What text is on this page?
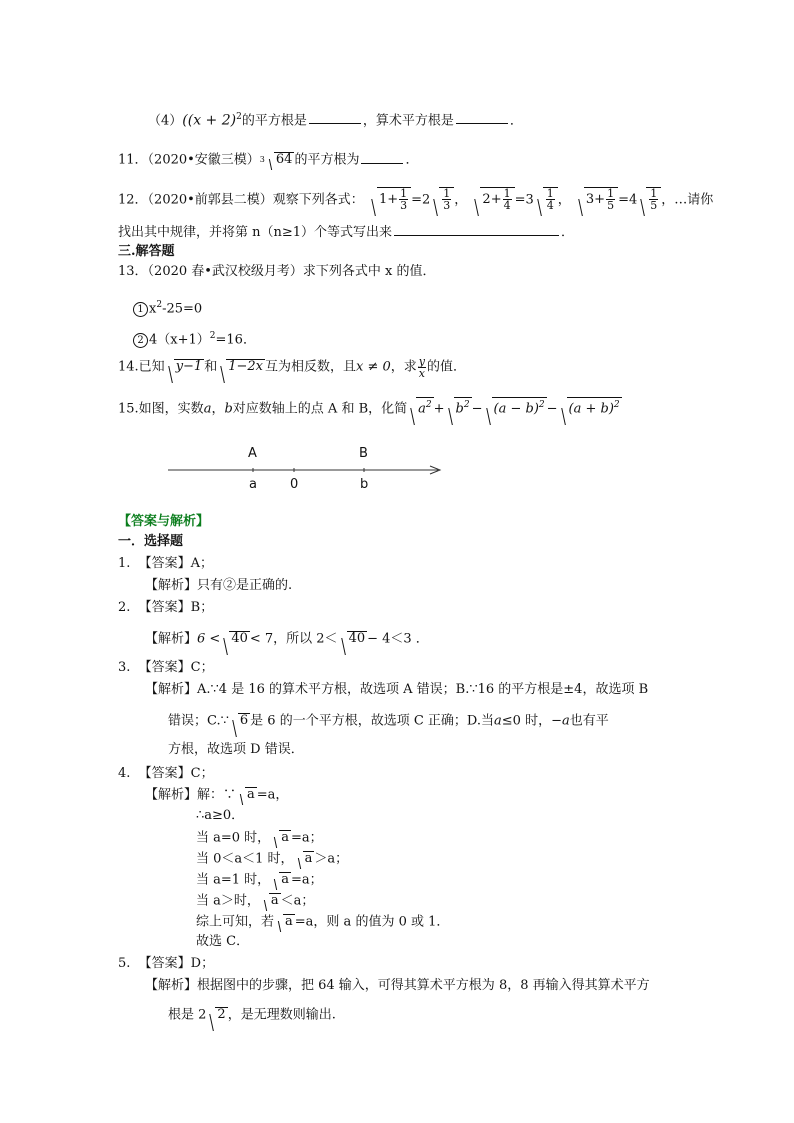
$(4)((x + 2)^2$的平方根是	，算术平方根是	．
11．（2020•安徽三模）$^3$ 64 的平方根为	．
12．（2020•前郭县二模）观察下列各式： $1+ \frac{1}{3} =2 \frac{1}{3}$ ， $2+ \frac{1}{4} =3 \frac{1}{4}$ ， $3+ \frac{1}{5} =4 \frac{1}{5}$ ，…请你
找出其中规律，并将第 n（n≥1）个等式写出来	．
三.解答题
13．（2020 春•武汉校级月考）求下列各式中 x 的值．
1 $x^2-25=0$
2 $4(x+1)^2=16$．
14.已知 y−1 和 1−2x 互为相反数，且x ≠ 0，求 $\frac{y}{x}$ 的值．
15.如图，实数a，b对应数轴上的点 A 和 B，化简 $a^2 + b^2 - (a - b)^2 - (a + b)^2$
A	B
a	0	b
【答案与解析】
一．选择题
1. 【答案】A；
【解析】只有②是正确的.
2. 【答案】B；
【解析】6 < 40 < 7，所以 2＜ 40 − 4＜3 ．
3. 【答案】C；
【解析】A.∵4 是 16 的算术平方根，故选项 A 错误；B.∵16 的平方根是±4，故选项 B
错误；C.∵ 6 是 6 的一个平方根，故选项 C 正确；D.当a≤0 时，−a也有平
方根，故选项 D 错误．
4. 【答案】C；
【解析】解：∵ a =a，
∴a≥0．
当 a=0 时， a =a；
当 0＜a＜1 时， a ＞a；
当 a=1 时， a =a；
当 a＞时， a ＜a；
综上可知，若 a =a，则 a 的值为 0 或 1．
故选 C．
5. 【答案】D；
【解析】根据图中的步骤，把 64 输入，可得其算术平方根为 8，8 再输入得其算术平方
根是 2 2 ，是无理数则输出.
